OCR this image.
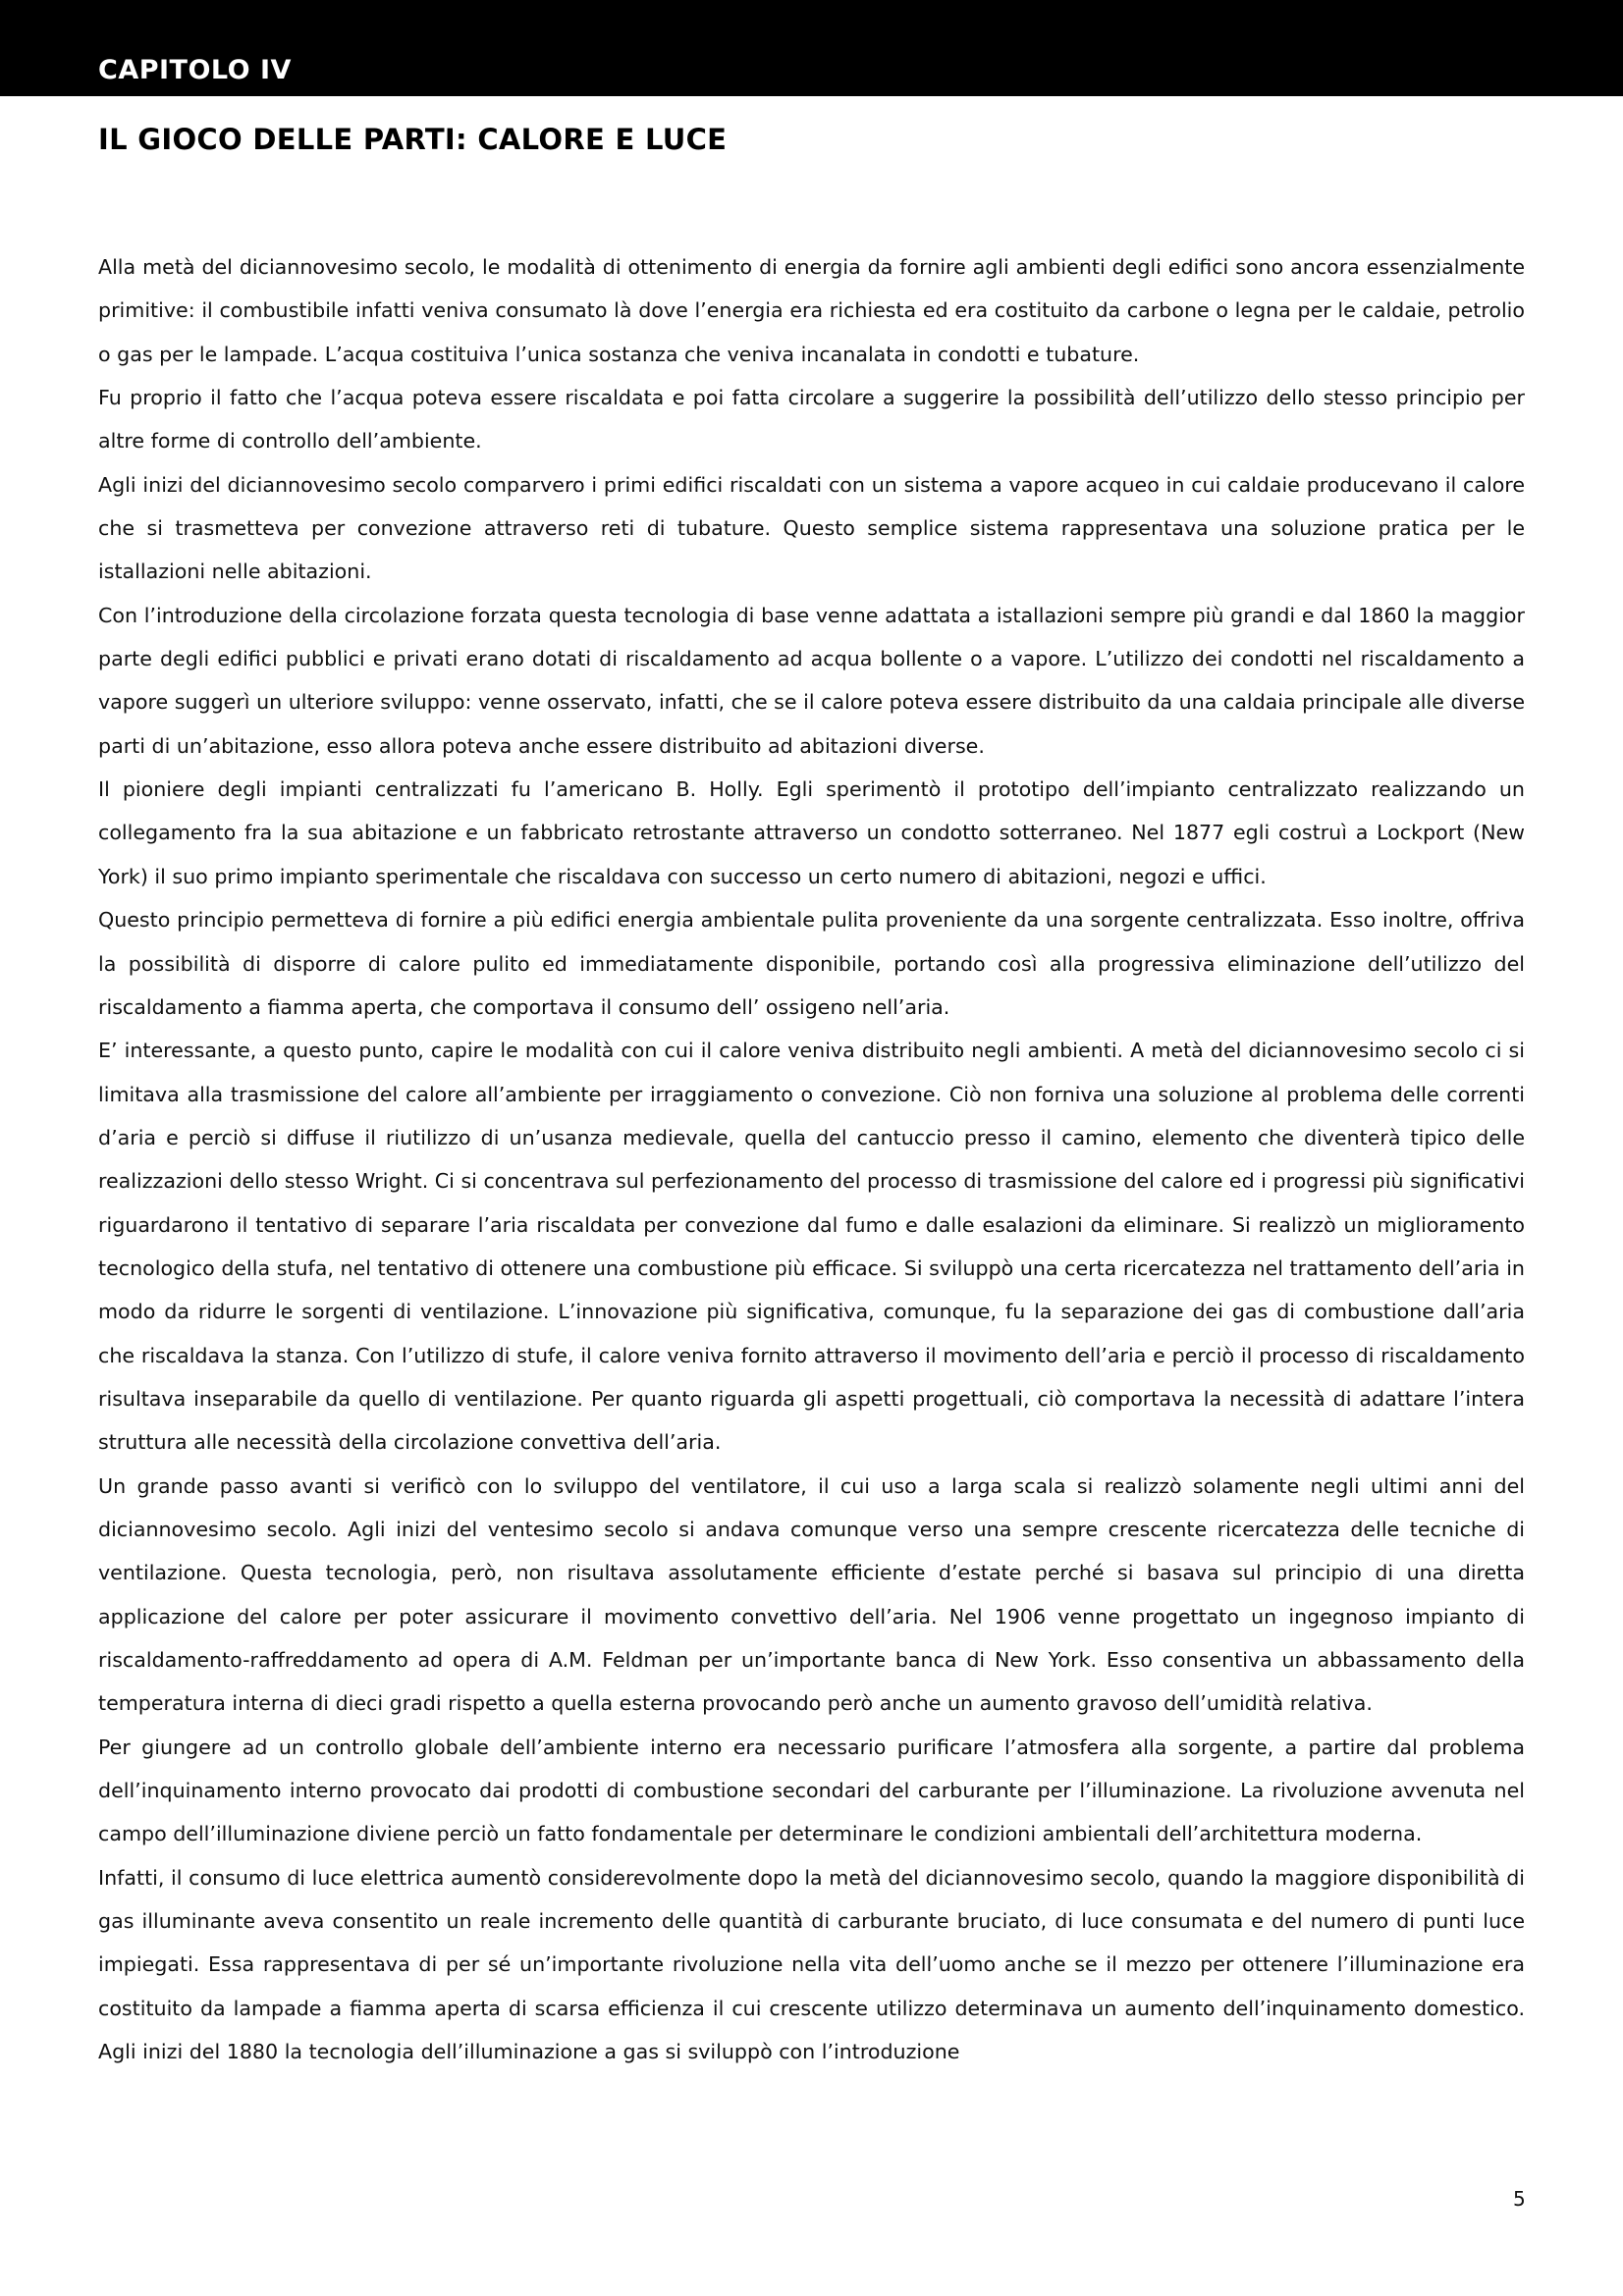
CAPITOLO IV
IL GIOCO DELLE PARTI: CALORE E LUCE

Alla metà del diciannovesimo secolo, le modalità di ottenimento di energia da fornire agli ambienti degli edifici sono ancora essenzialmente primitive: il combustibile infatti veniva consumato là dove l’energia era richiesta ed era costituito da carbone o legna per le caldaie, petrolio o gas per le lampade. L’acqua costituiva l’unica sostanza che veniva incanalata in condotti e tubature.

Fu proprio il fatto che l’acqua poteva essere riscaldata e poi fatta circolare a suggerire la possibilità dell’utilizzo dello stesso principio per altre forme di controllo dell’ambiente.

Agli inizi del diciannovesimo secolo comparvero i primi edifici riscaldati con un sistema a vapore acqueo in cui caldaie producevano il calore che si trasmetteva per convezione attraverso reti di tubature. Questo semplice sistema rappresentava una soluzione pratica per le istallazioni nelle abitazioni.

Con l’introduzione della circolazione forzata questa tecnologia di base venne adattata a istallazioni sempre più grandi e dal 1860 la maggior parte degli edifici pubblici e privati erano dotati di riscaldamento ad acqua bollente o a vapore. L’utilizzo dei condotti nel riscaldamento a vapore suggerì un ulteriore sviluppo: venne osservato, infatti, che se il calore poteva essere distribuito da una caldaia principale alle diverse parti di un’abitazione, esso allora poteva anche essere distribuito ad abitazioni diverse.

Il pioniere degli impianti centralizzati fu l’americano B. Holly. Egli sperimentò il prototipo dell’impianto centralizzato realizzando un collegamento fra la sua abitazione e un fabbricato retrostante attraverso un condotto sotterraneo. Nel 1877 egli costruì a Lockport (New York) il suo primo impianto sperimentale che riscaldava con successo un certo numero di abitazioni, negozi e uffici.

Questo principio permetteva di fornire a più edifici energia ambientale pulita proveniente da una sorgente centralizzata. Esso inoltre, offriva la possibilità di disporre di calore pulito ed immediatamente disponibile, portando così alla progressiva eliminazione dell’utilizzo del riscaldamento a fiamma aperta, che comportava il consumo dell’ ossigeno nell’aria.

E’ interessante, a questo punto, capire le modalità con cui il calore veniva distribuito negli ambienti. A metà del diciannovesimo secolo ci si limitava alla trasmissione del calore all’ambiente per irraggiamento o convezione. Ciò non forniva una soluzione al problema delle correnti d’aria e perciò si diffuse il riutilizzo di un’usanza medievale, quella del cantuccio presso il camino, elemento che diventerà tipico delle realizzazioni dello stesso Wright. Ci si concentrava sul perfezionamento del processo di trasmissione del calore ed i progressi più significativi riguardarono il tentativo di separare l’aria riscaldata per convezione dal fumo e dalle esalazioni da eliminare. Si realizzò un miglioramento tecnologico della stufa, nel tentativo di ottenere una combustione più efficace. Si sviluppò una certa ricercatezza nel trattamento dell’aria in modo da ridurre le sorgenti di ventilazione. L’innovazione più significativa, comunque, fu la separazione dei gas di combustione dall’aria che riscaldava la stanza. Con l’utilizzo di stufe, il calore veniva fornito attraverso il movimento dell’aria e perciò il processo di riscaldamento risultava inseparabile da quello di ventilazione. Per quanto riguarda gli aspetti progettuali, ciò comportava la necessità di adattare l’intera struttura alle necessità della circolazione convettiva dell’aria.

Un grande passo avanti si verificò con lo sviluppo del ventilatore, il cui uso a larga scala si realizzò solamente negli ultimi anni del diciannovesimo secolo. Agli inizi del ventesimo secolo si andava comunque verso una sempre crescente ricercatezza delle tecniche di ventilazione. Questa tecnologia, però, non risultava assolutamente efficiente d’estate perché si basava sul principio di una diretta applicazione del calore per poter assicurare il movimento convettivo dell’aria. Nel 1906 venne progettato un ingegnoso impianto di riscaldamento-raffreddamento ad opera di A.M. Feldman per un’importante banca di New York. Esso consentiva un abbassamento della temperatura interna di dieci gradi rispetto a quella esterna provocando però anche un aumento gravoso dell’umidità relativa.

Per giungere ad un controllo globale dell’ambiente interno era necessario purificare l’atmosfera alla sorgente, a partire dal problema dell’inquinamento interno provocato dai prodotti di combustione secondari del carburante per l’illuminazione. La rivoluzione avvenuta nel campo dell’illuminazione diviene perciò un fatto fondamentale per determinare le condizioni ambientali dell’architettura moderna.

Infatti, il consumo di luce elettrica aumentò considerevolmente dopo la metà del diciannovesimo secolo, quando la maggiore disponibilità di gas illuminante aveva consentito un reale incremento delle quantità di carburante bruciato, di luce consumata e del numero di punti luce impiegati. Essa rappresentava di per sé un’importante rivoluzione nella vita dell’uomo anche se il mezzo per ottenere l’illuminazione era costituito da lampade a fiamma aperta di scarsa efficienza il cui crescente utilizzo determinava un aumento dell’inquinamento domestico. Agli inizi del 1880 la tecnologia dell’illuminazione a gas si sviluppò con l’introduzione

5
